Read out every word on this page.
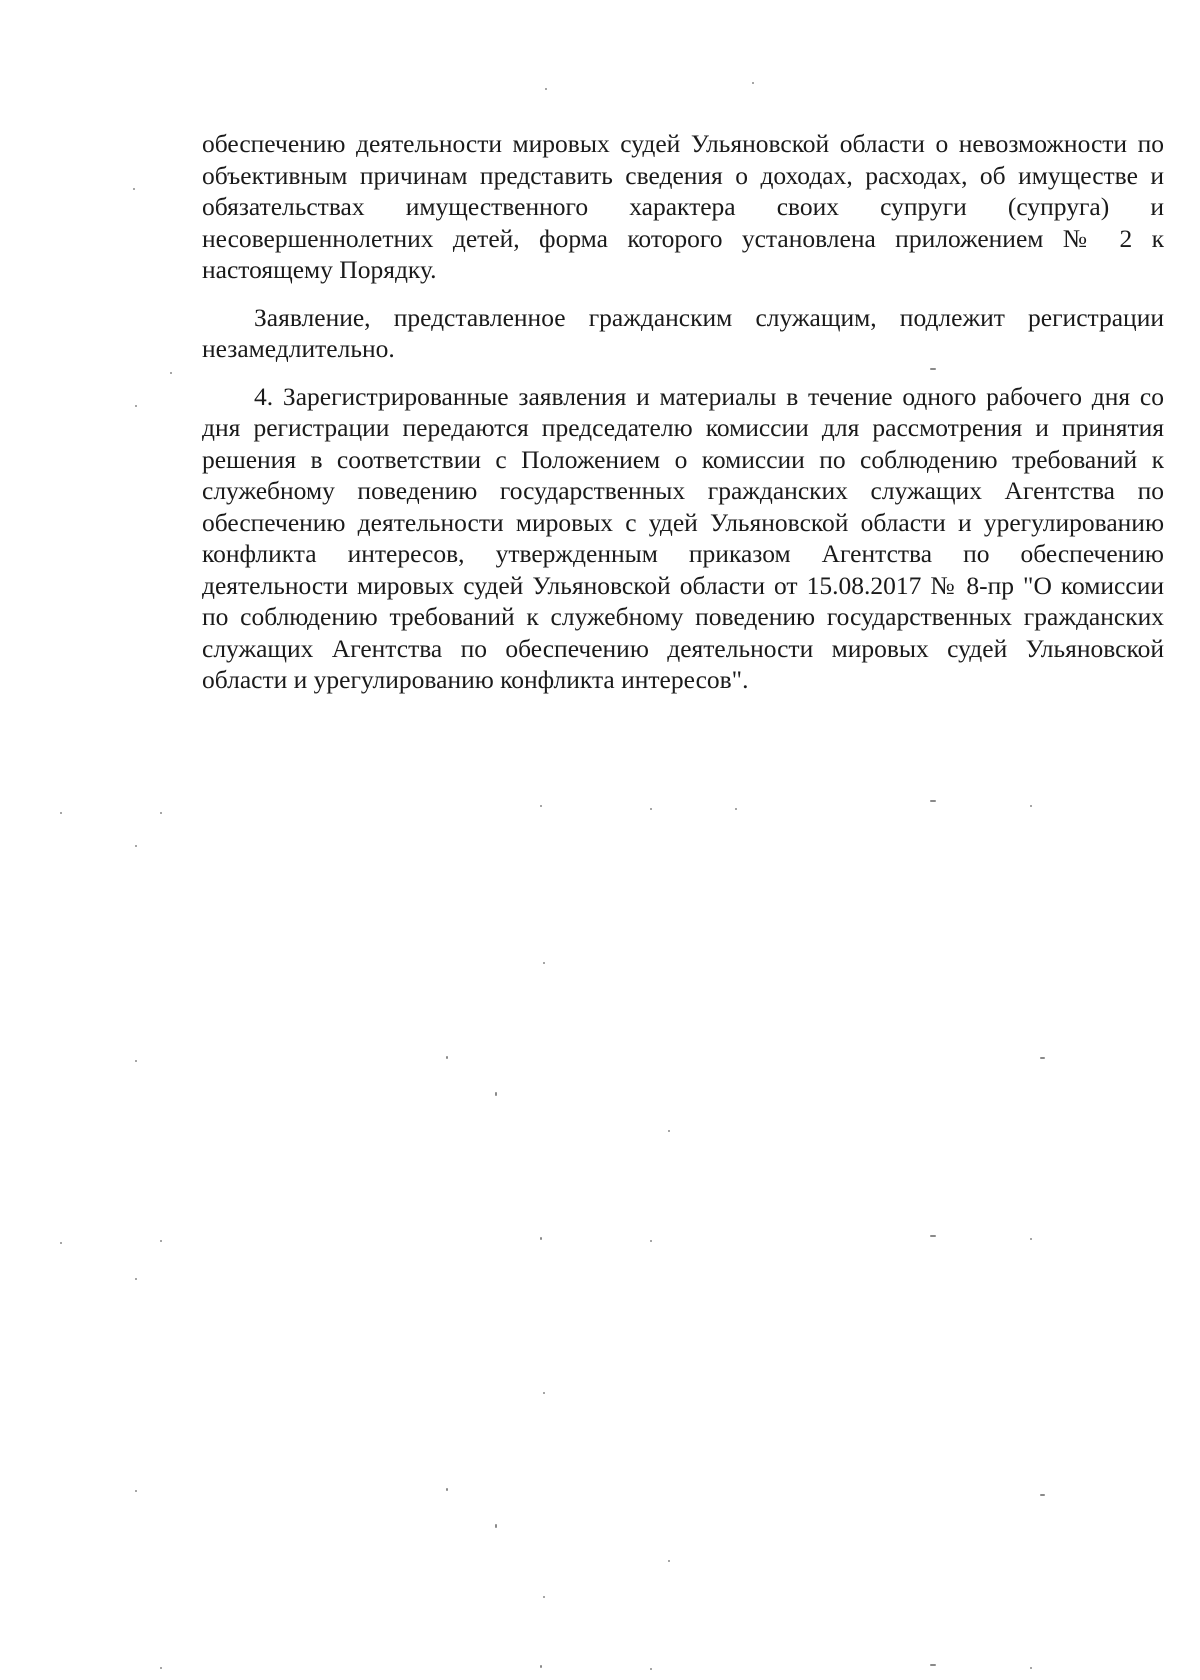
обеспечению деятельности мировых судей Ульяновской области о невозможности по объективным причинам представить сведения о доходах, расходах, об имуществе и обязательствах имущественного характера своих супруги (супруга) и несовершеннолетних детей, форма которого установлена приложением № 2 к настоящему Порядку.

Заявление, представленное гражданским служащим, подлежит регистрации незамедлительно.

4. Зарегистрированные заявления и материалы в течение одного рабочего дня со дня регистрации передаются председателю комиссии для рассмотрения и принятия решения в соответствии с Положением о комиссии по соблюдению требований к служебному поведению государственных гражданских служащих Агентства по обеспечению деятельности мировых с удей Ульяновской области и урегулированию конфликта интересов, утвержденным приказом Агентства по обеспечению деятельности мировых судей Ульяновской области от 15.08.2017 № 8-пр "О комиссии по соблюдению требований к служебному поведению государственных гражданских служащих Агентства по обеспечению деятельности мировых судей Ульяновской области и урегулированию конфликта интересов".
